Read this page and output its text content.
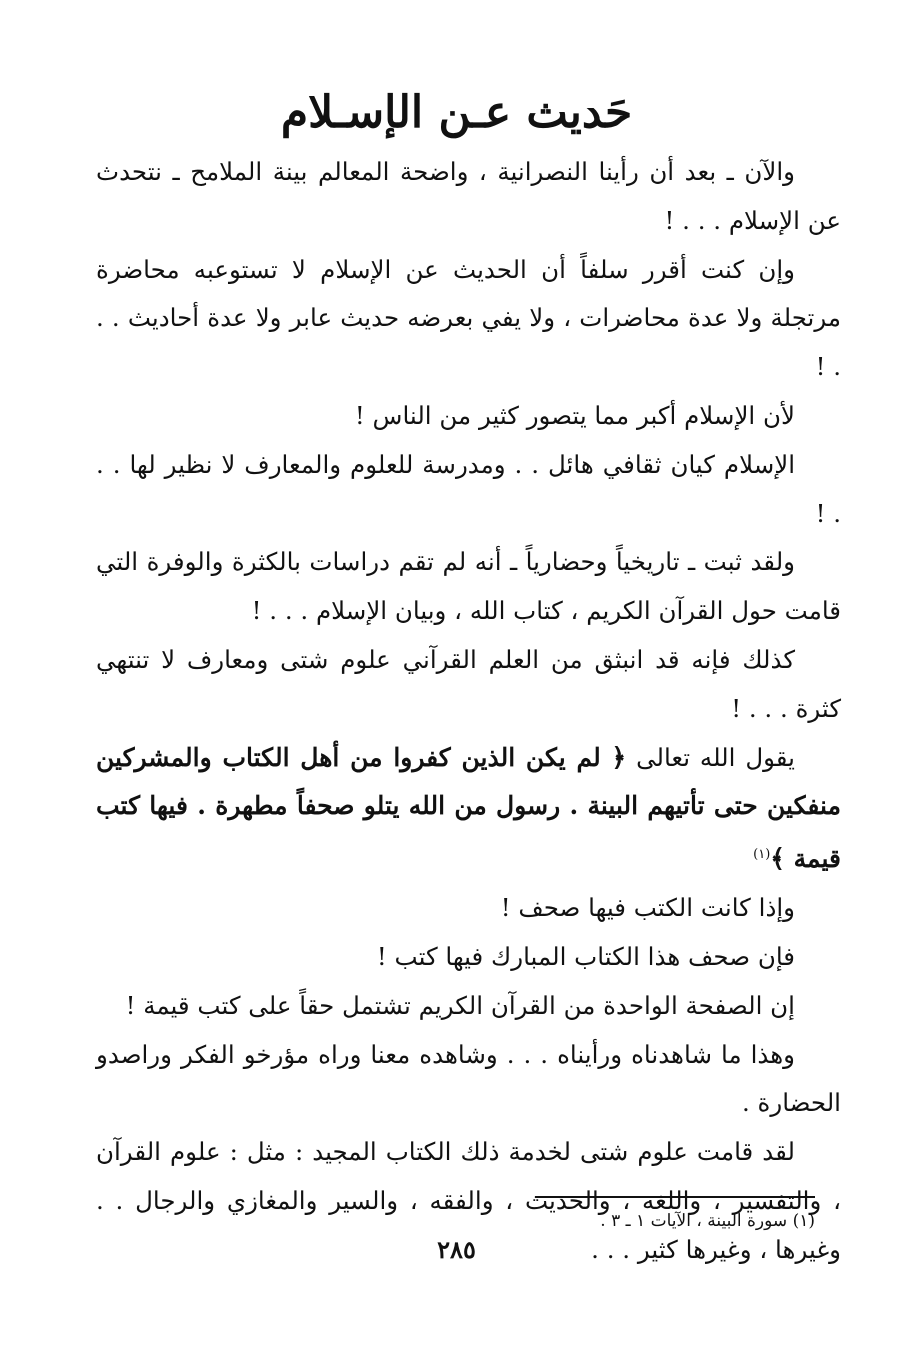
حَديث عـن الإسـلام

والآن ـ بعد أن رأينا النصرانية ، واضحة المعالم بينة الملامح ـ نتحدث عن الإسلام . . . !

وإن كنت أقرر سلفاً أن الحديث عن الإسلام لا تستوعبه محاضرة مرتجلة ولا عدة محاضرات ، ولا يفي بعرضه حديث عابر ولا عدة أحاديث . . . !

لأن الإسلام أكبر مما يتصور كثير من الناس !

الإسلام كيان ثقافي هائل . . ومدرسة للعلوم والمعارف لا نظير لها . . . !

ولقد ثبت ـ تاريخياً وحضارياً ـ أنه لم تقم دراسات بالكثرة والوفرة التي قامت حول القرآن الكريم ، كتاب الله ، وبيان الإسلام . . . !

كذلك فإنه قد انبثق من العلم القرآني علوم شتى ومعارف لا تنتهي كثرة . . . !

يقول الله تعالى ﴿ لم يكن الذين كفروا من أهل الكتاب والمشركين منفكين حتى تأتيهم البينة . رسول من الله يتلو صحفاً مطهرة . فيها كتب قيمة ﴾$^{(١)}$

وإذا كانت الكتب فيها صحف !

فإن صحف هذا الكتاب المبارك فيها كتب !

إن الصفحة الواحدة من القرآن الكريم تشتمل حقاً على كتب قيمة !

وهذا ما شاهدناه ورأيناه . . . وشاهده معنا وراه مؤرخو الفكر وراصدو الحضارة .

لقد قامت علوم شتى لخدمة ذلك الكتاب المجيد : مثل : علوم القرآن ، والتفسير ، واللغة ، والحديث ، والفقه ، والسير والمغازي والرجال . . وغيرها ، وغيرها كثير . . .

(١) سورة البينة ، الآيات ١ ـ ٣ .
٢٨٥
